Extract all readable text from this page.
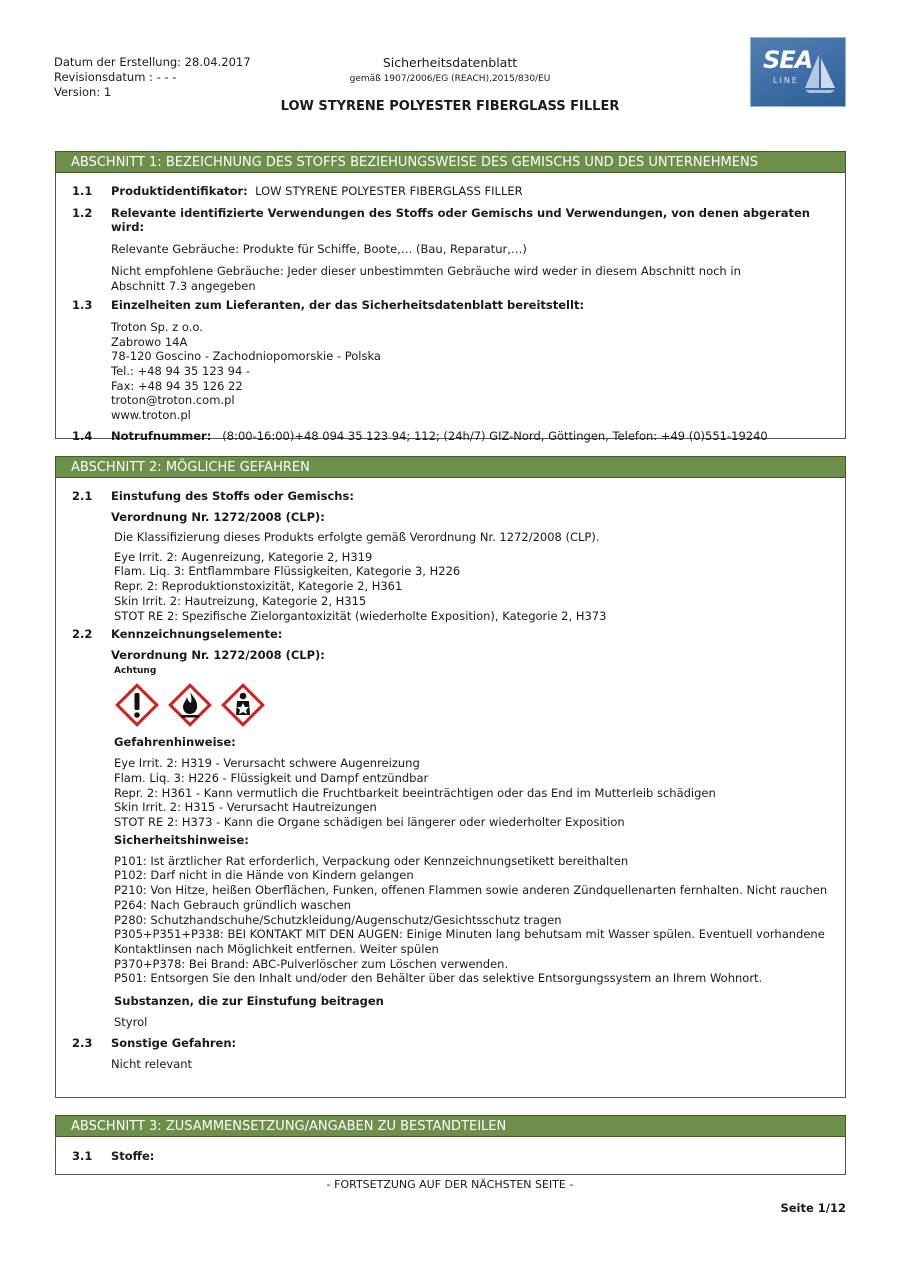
Datum der Erstellung: 28.04.2017
Revisionsdatum : - - -
Version: 1
Sicherheitsdatenblatt
gemäß 1907/2006/EG (REACH),2015/830/EU
SEA
LINE
LOW STYRENE POLYESTER FIBERGLASS FILLER
ABSCHNITT 1: BEZEICHNUNG DES STOFFS BEZIEHUNGSWEISE DES GEMISCHS UND DES UNTERNEHMENS
1.1 Produktidentifikator: LOW STYRENE POLYESTER FIBERGLASS FILLER
1.2 Relevante identifizierte Verwendungen des Stoffs oder Gemischs und Verwendungen, von denen abgeraten wird:
Relevante Gebräuche: Produkte für Schiffe, Boote,… (Bau, Reparatur,…)
Nicht empfohlene Gebräuche: Jeder dieser unbestimmten Gebräuche wird weder in diesem Abschnitt noch in Abschnitt 7.3 angegeben
1.3 Einzelheiten zum Lieferanten, der das Sicherheitsdatenblatt bereitstellt:
Troton Sp. z o.o.
Zabrowo 14A
78-120 Goscino - Zachodniopomorskie - Polska
Tel.: +48 94 35 123 94 -
Fax: +48 94 35 126 22
troton@troton.com.pl
www.troton.pl
1.4 Notrufnummer: (8:00-16:00)+48 094 35 123 94; 112; (24h/7) GIZ-Nord, Göttingen, Telefon: +49 (0)551-19240
ABSCHNITT 2: MÖGLICHE GEFAHREN
2.1 Einstufung des Stoffs oder Gemischs:
Verordnung Nr. 1272/2008 (CLP):
Die Klassifizierung dieses Produkts erfolgte gemäß Verordnung Nr. 1272/2008 (CLP).
Eye Irrit. 2: Augenreizung, Kategorie 2, H319
Flam. Liq. 3: Entflammbare Flüssigkeiten, Kategorie 3, H226
Repr. 2: Reproduktionstoxizität, Kategorie 2, H361
Skin Irrit. 2: Hautreizung, Kategorie 2, H315
STOT RE 2: Spezifische Zielorgantoxizität (wiederholte Exposition), Kategorie 2, H373
2.2 Kennzeichnungselemente:
Verordnung Nr. 1272/2008 (CLP):
Achtung
Gefahrenhinweise:
Eye Irrit. 2: H319 - Verursacht schwere Augenreizung
Flam. Liq. 3: H226 - Flüssigkeit und Dampf entzündbar
Repr. 2: H361 - Kann vermutlich die Fruchtbarkeit beeinträchtigen oder das End im Mutterleib schädigen
Skin Irrit. 2: H315 - Verursacht Hautreizungen
STOT RE 2: H373 - Kann die Organe schädigen bei längerer oder wiederholter Exposition
Sicherheitshinweise:
P101: Ist ärztlicher Rat erforderlich, Verpackung oder Kennzeichnungsetikett bereithalten
P102: Darf nicht in die Hände von Kindern gelangen
P210: Von Hitze, heißen Oberflächen, Funken, offenen Flammen sowie anderen Zündquellenarten fernhalten. Nicht rauchen
P264: Nach Gebrauch gründlich waschen
P280: Schutzhandschuhe/Schutzkleidung/Augenschutz/Gesichtsschutz tragen
P305+P351+P338: BEI KONTAKT MIT DEN AUGEN: Einige Minuten lang behutsam mit Wasser spülen. Eventuell vorhandene
Kontaktlinsen nach Möglichkeit entfernen. Weiter spülen
P370+P378: Bei Brand: ABC-Pulverlöscher zum Löschen verwenden.
P501: Entsorgen Sie den Inhalt und/oder den Behälter über das selektive Entsorgungssystem an Ihrem Wohnort.
Substanzen, die zur Einstufung beitragen
Styrol
2.3 Sonstige Gefahren:
Nicht relevant
ABSCHNITT 3: ZUSAMMENSETZUNG/ANGABEN ZU BESTANDTEILEN
3.1 Stoffe:
- FORTSETZUNG AUF DER NÄCHSTEN SEITE -
Seite 1/12
